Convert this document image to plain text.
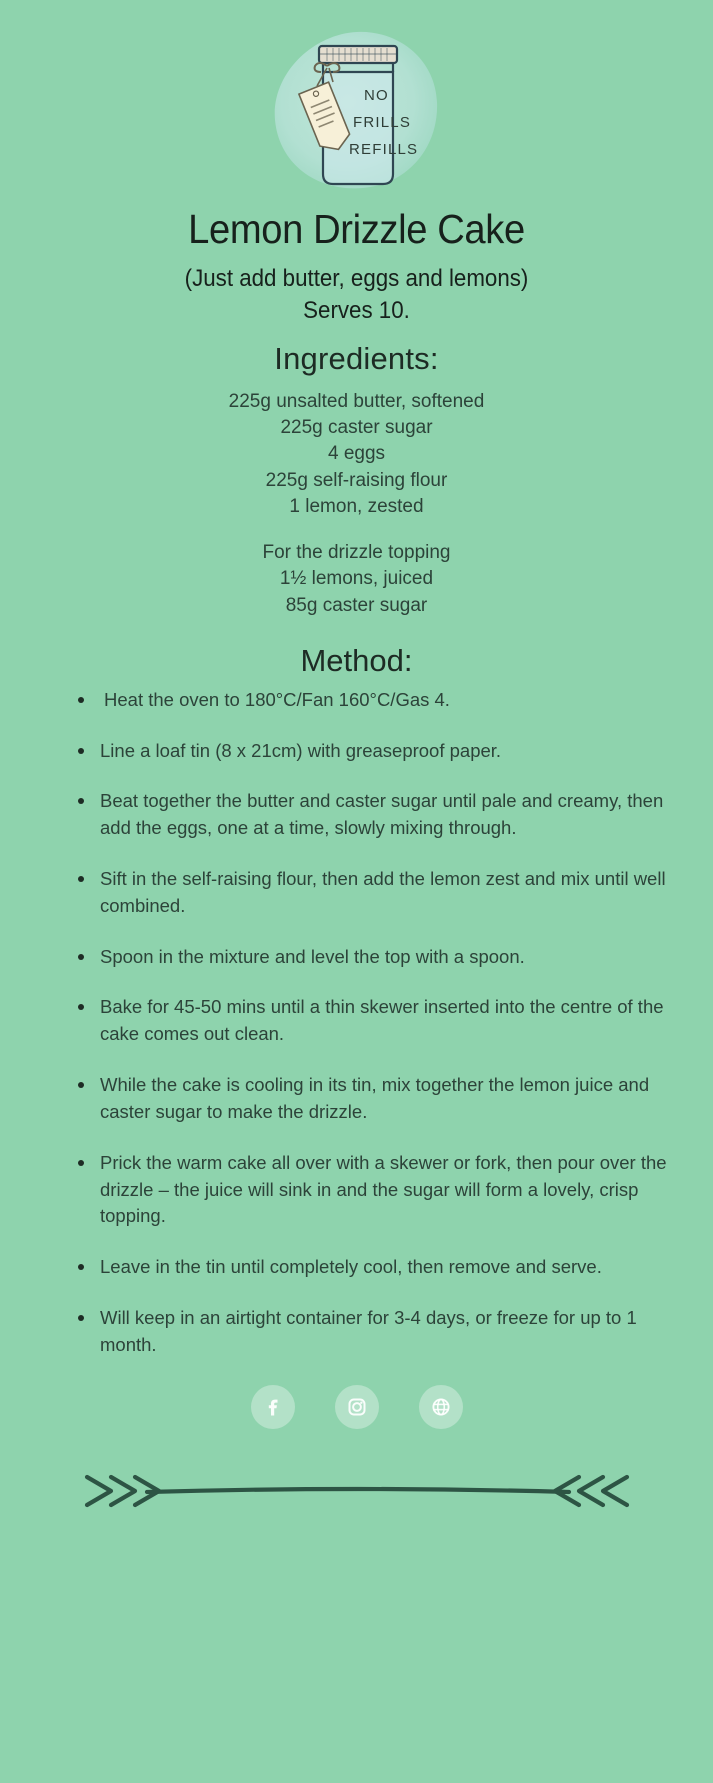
NO
FRILLS
REFILLS
Lemon Drizzle Cake
(Just add butter, eggs and lemons)
Serves 10.
Ingredients:
225g unsalted butter, softened
225g caster sugar
4 eggs
225g self-raising flour
1 lemon, zested
For the drizzle topping
1½ lemons, juiced
85g caster sugar
Method:
Heat the oven to 180°C/Fan 160°C/Gas 4.
Line a loaf tin (8 x 21cm) with greaseproof paper.
Beat together the butter and caster sugar until pale and creamy, then add the eggs, one at a time, slowly mixing through.
Sift in the self-raising flour, then add the lemon zest and mix until well combined.
Spoon in the mixture and level the top with a spoon.
Bake for 45-50 mins until a thin skewer inserted into the centre of the cake comes out clean.
While the cake is cooling in its tin, mix together the lemon juice and caster sugar to make the drizzle.
Prick the warm cake all over with a skewer or fork, then pour over the drizzle – the juice will sink in and the sugar will form a lovely, crisp topping.
Leave in the tin until completely cool, then remove and serve.
Will keep in an airtight container for 3-4 days, or freeze for up to 1 month.
